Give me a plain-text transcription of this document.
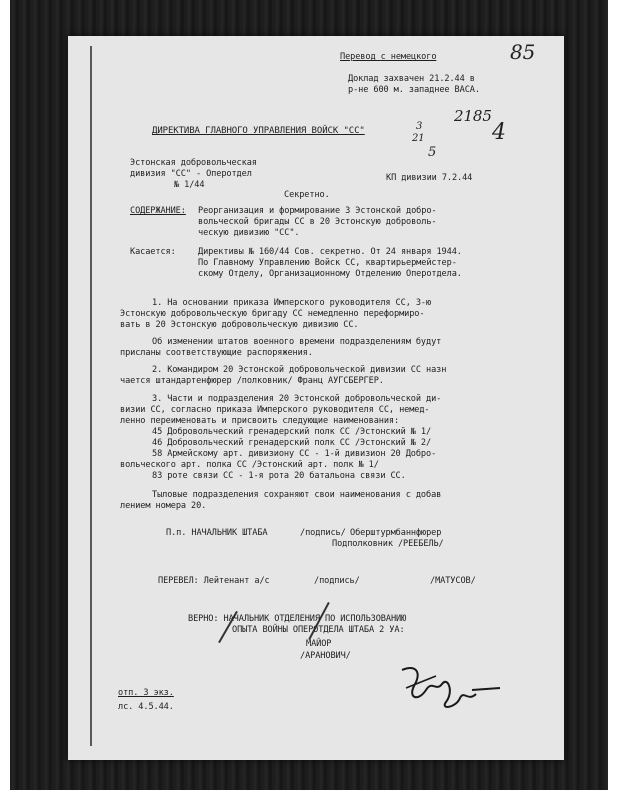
Перевод с немецкого	85
Доклад захвачен 21.2.44 в
р-не 600 м. западнее ВАСА.
ДИРЕКТИВА ГЛАВНОГО УПРАВЛЕНИЯ ВОЙСК "СС"
2185
3
21
5
4
Эстонская добровольческая
дивизия "СС" - Оперотдел
№ 1/44
КП дивизии 7.2.44
Секретно.
СОДЕРЖАНИЕ: Реорганизация и формирование 3 Эстонской добро-
вольческой бригады СС в 20 Эстонскую доброволь-
ческую дивизию "СС".
Касается:	Директивы № 160/44 Сов. секретно. От 24 января 1944.
По Главному Управлению Войск СС, квартирьермейстер-
скому Отделу, Организационному Отделению Оперотдела.
1. На основании приказа Имперского руководителя СС, 3-ю
Эстонскую добровольческую бригаду СС немедленно переформиро-
вать в 20 Эстонскую добровольческую дивизию СС.
Об изменении штатов военного времени подразделениям будут
присланы соответствующие распоряжения.
2. Командиром 20 Эстонской добровольческой дивизии СС назн
чается штандартенфюрер /полковник/ Франц АУГСБЕРГЕР.
3. Части и подразделения 20 Эстонской добровольческой ди-
визии СС, согласно приказа Имперского руководителя СС, немед-
ленно переименовать и присвоить следующие наименования:
45 Добровольческий гренадерский полк СС /Эстонский № 1/
46 Добровольческий гренадерский полк СС /Эстонский № 2/
58 Армейскому арт. дивизиону СС - 1-й дивизион 20 Добро-
вольческого арт. полка СС /Эстонский арт. полк № 1/
83 роте связи СС - 1-я рота 20 батальона связи СС.
Тыловые подразделения сохраняют свои наименования с добав
лением номера 20.
П.п. НАЧАЛЬНИК ШТАБА	/подпись/ Оберштурмбаннфюрер
Подполковник /РЕЕБЕЛЬ/
ПЕРЕВЕЛ: Лейтенант а/с	/подпись/	/МАТУСОВ/
ВЕРНО: НАЧАЛЬНИК ОТДЕЛЕНИЯ ПО ИСПОЛЬЗОВАНИЮ
ОПЫТА ВОЙНЫ ОПЕРОТДЕЛА ШТАБА 2 УА:
МАЙОР
/АРАНОВИЧ/
отп. 3 экз.
лс. 4.5.44.
